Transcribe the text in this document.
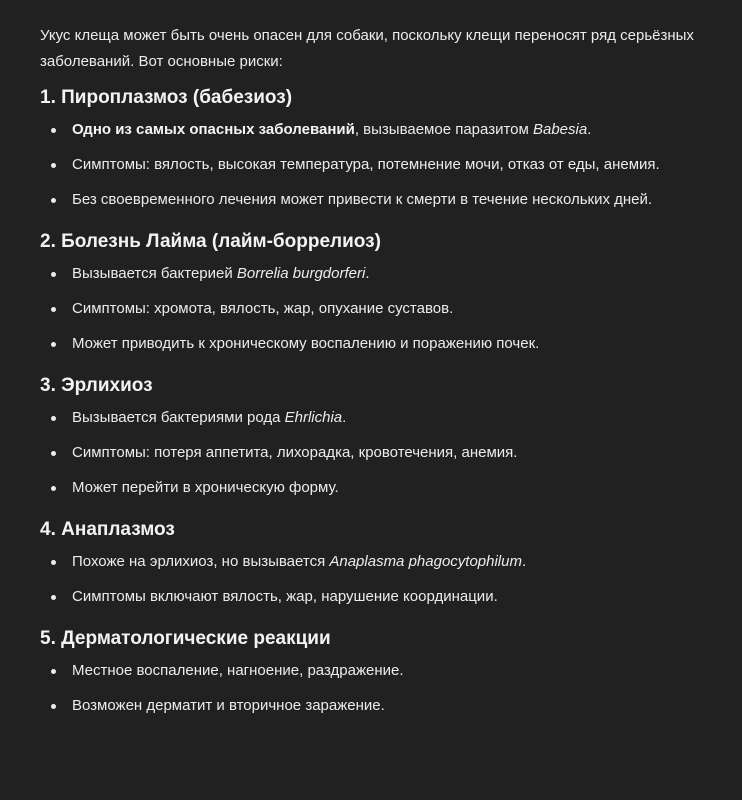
Укус клеща может быть очень опасен для собаки, поскольку клещи переносят ряд серьёзных
заболеваний. Вот основные риски:

1. Пироплазмоз (бабезиоз)
Одно из самых опасных заболеваний, вызываемое паразитом Babesia.
Симптомы: вялость, высокая температура, потемнение мочи, отказ от еды, анемия.
Без своевременного лечения может привести к смерти в течение нескольких дней.
2. Болезнь Лайма (лайм-боррелиоз)
Вызывается бактерией Borrelia burgdorferi.
Симптомы: хромота, вялость, жар, опухание суставов.
Может приводить к хроническому воспалению и поражению почек.
3. Эрлихиоз
Вызывается бактериями рода Ehrlichia.
Симптомы: потеря аппетита, лихорадка, кровотечения, анемия.
Может перейти в хроническую форму.
4. Анаплазмоз
Похоже на эрлихиоз, но вызывается Anaplasma phagocytophilum.
Симптомы включают вялость, жар, нарушение координации.
5. Дерматологические реакции
Местное воспаление, нагноение, раздражение.
Возможен дерматит и вторичное заражение.
